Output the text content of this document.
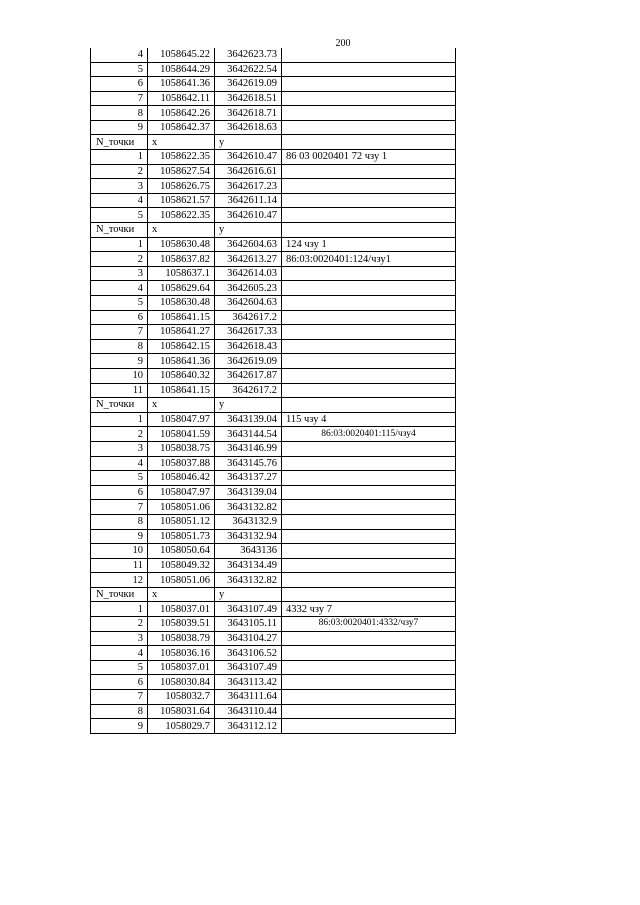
200
4	1058645.22	3642623.73	
5	1058644.29	3642622.54	
6	1058641.36	3642619.09	
7	1058642.11	3642618.51	
8	1058642.26	3642618.71	
9	1058642.37	3642618.63	
N_точки	x	y	
1	1058622.35	3642610.47	86 03 0020401 72 чзу 1
2	1058627.54	3642616.61	
3	1058626.75	3642617.23	
4	1058621.57	3642611.14	
5	1058622.35	3642610.47	
N_точки	x	y	
1	1058630.48	3642604.63	124 чзу 1
2	1058637.82	3642613.27	86:03:0020401:124/чзу1
3	1058637.1	3642614.03	
4	1058629.64	3642605.23	
5	1058630.48	3642604.63	
6	1058641.15	3642617.2	
7	1058641.27	3642617.33	
8	1058642.15	3642618.43	
9	1058641.36	3642619.09	
10	1058640.32	3642617.87	
11	1058641.15	3642617.2	
N_точки	x	y	
1	1058047.97	3643139.04	115 чзу 4
2	1058041.59	3643144.54	86:03:0020401:115/чзу4
3	1058038.75	3643146.99	
4	1058037.88	3643145.76	
5	1058046.42	3643137.27	
6	1058047.97	3643139.04	
7	1058051.06	3643132.82	
8	1058051.12	3643132.9	
9	1058051.73	3643132.94	
10	1058050.64	3643136	
11	1058049.32	3643134.49	
12	1058051.06	3643132.82	
N_точки	x	y	
1	1058037.01	3643107.49	4332 чзу 7
2	1058039.51	3643105.11	86:03:0020401:4332/чзу7
3	1058038.79	3643104.27	
4	1058036.16	3643106.52	
5	1058037.01	3643107.49	
6	1058030.84	3643113.42	
7	1058032.7	3643111.64	
8	1058031.64	3643110.44	
9	1058029.7	3643112.12	
